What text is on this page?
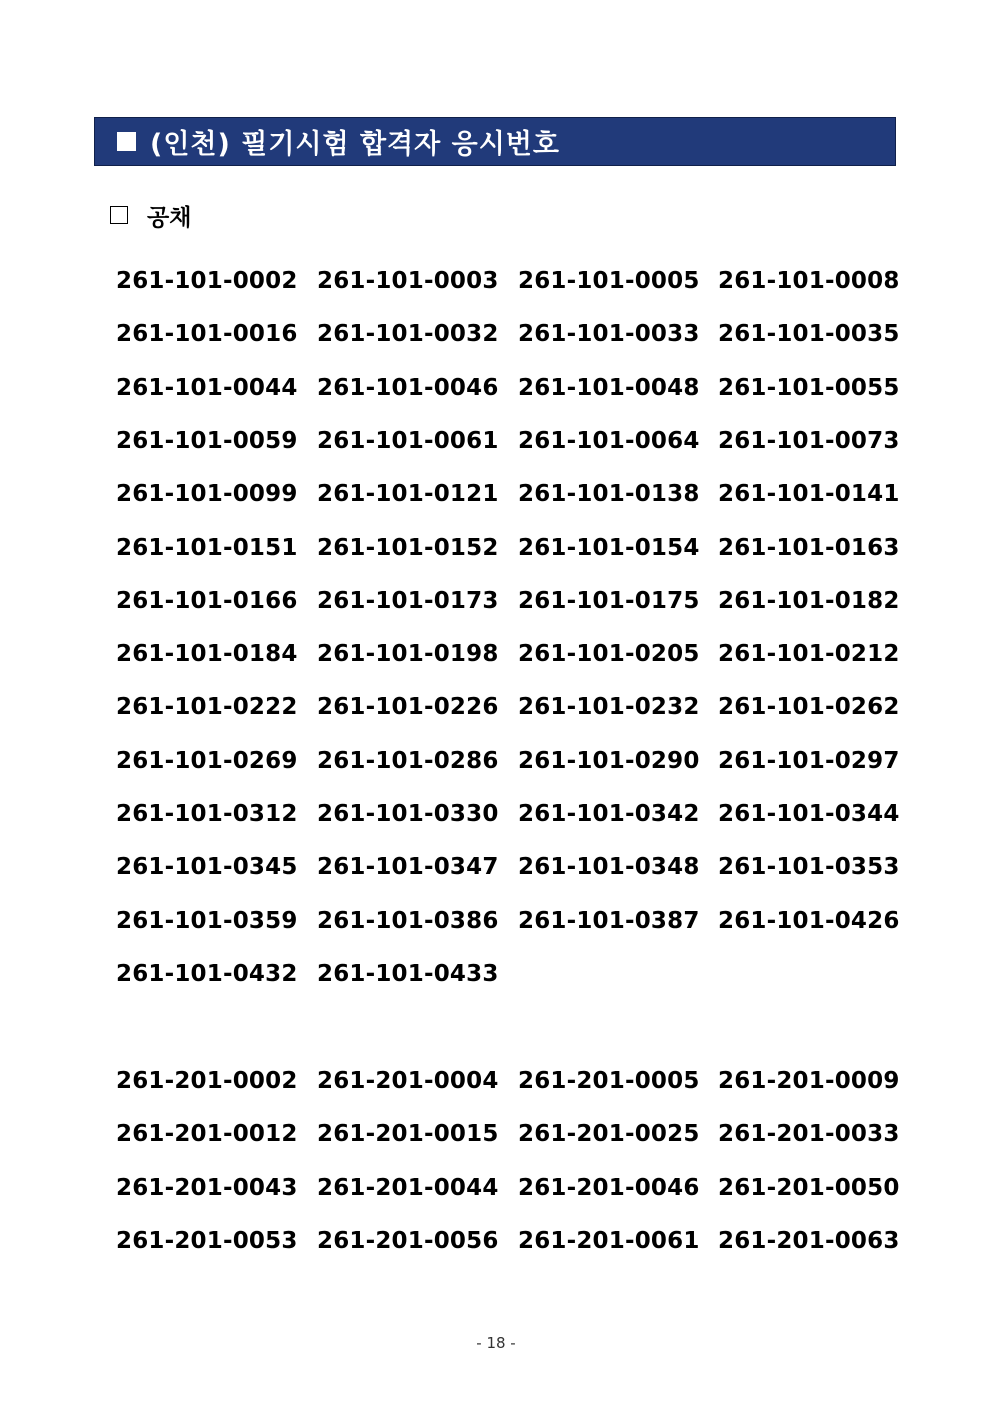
(인천) 필기시험 합격자 응시번호
공채
261-101-0002 261-101-0003 261-101-0005 261-101-0008
261-101-0016 261-101-0032 261-101-0033 261-101-0035
261-101-0044 261-101-0046 261-101-0048 261-101-0055
261-101-0059 261-101-0061 261-101-0064 261-101-0073
261-101-0099 261-101-0121 261-101-0138 261-101-0141
261-101-0151 261-101-0152 261-101-0154 261-101-0163
261-101-0166 261-101-0173 261-101-0175 261-101-0182
261-101-0184 261-101-0198 261-101-0205 261-101-0212
261-101-0222 261-101-0226 261-101-0232 261-101-0262
261-101-0269 261-101-0286 261-101-0290 261-101-0297
261-101-0312 261-101-0330 261-101-0342 261-101-0344
261-101-0345 261-101-0347 261-101-0348 261-101-0353
261-101-0359 261-101-0386 261-101-0387 261-101-0426
261-101-0432 261-101-0433
261-201-0002 261-201-0004 261-201-0005 261-201-0009
261-201-0012 261-201-0015 261-201-0025 261-201-0033
261-201-0043 261-201-0044 261-201-0046 261-201-0050
261-201-0053 261-201-0056 261-201-0061 261-201-0063
- 18 -
